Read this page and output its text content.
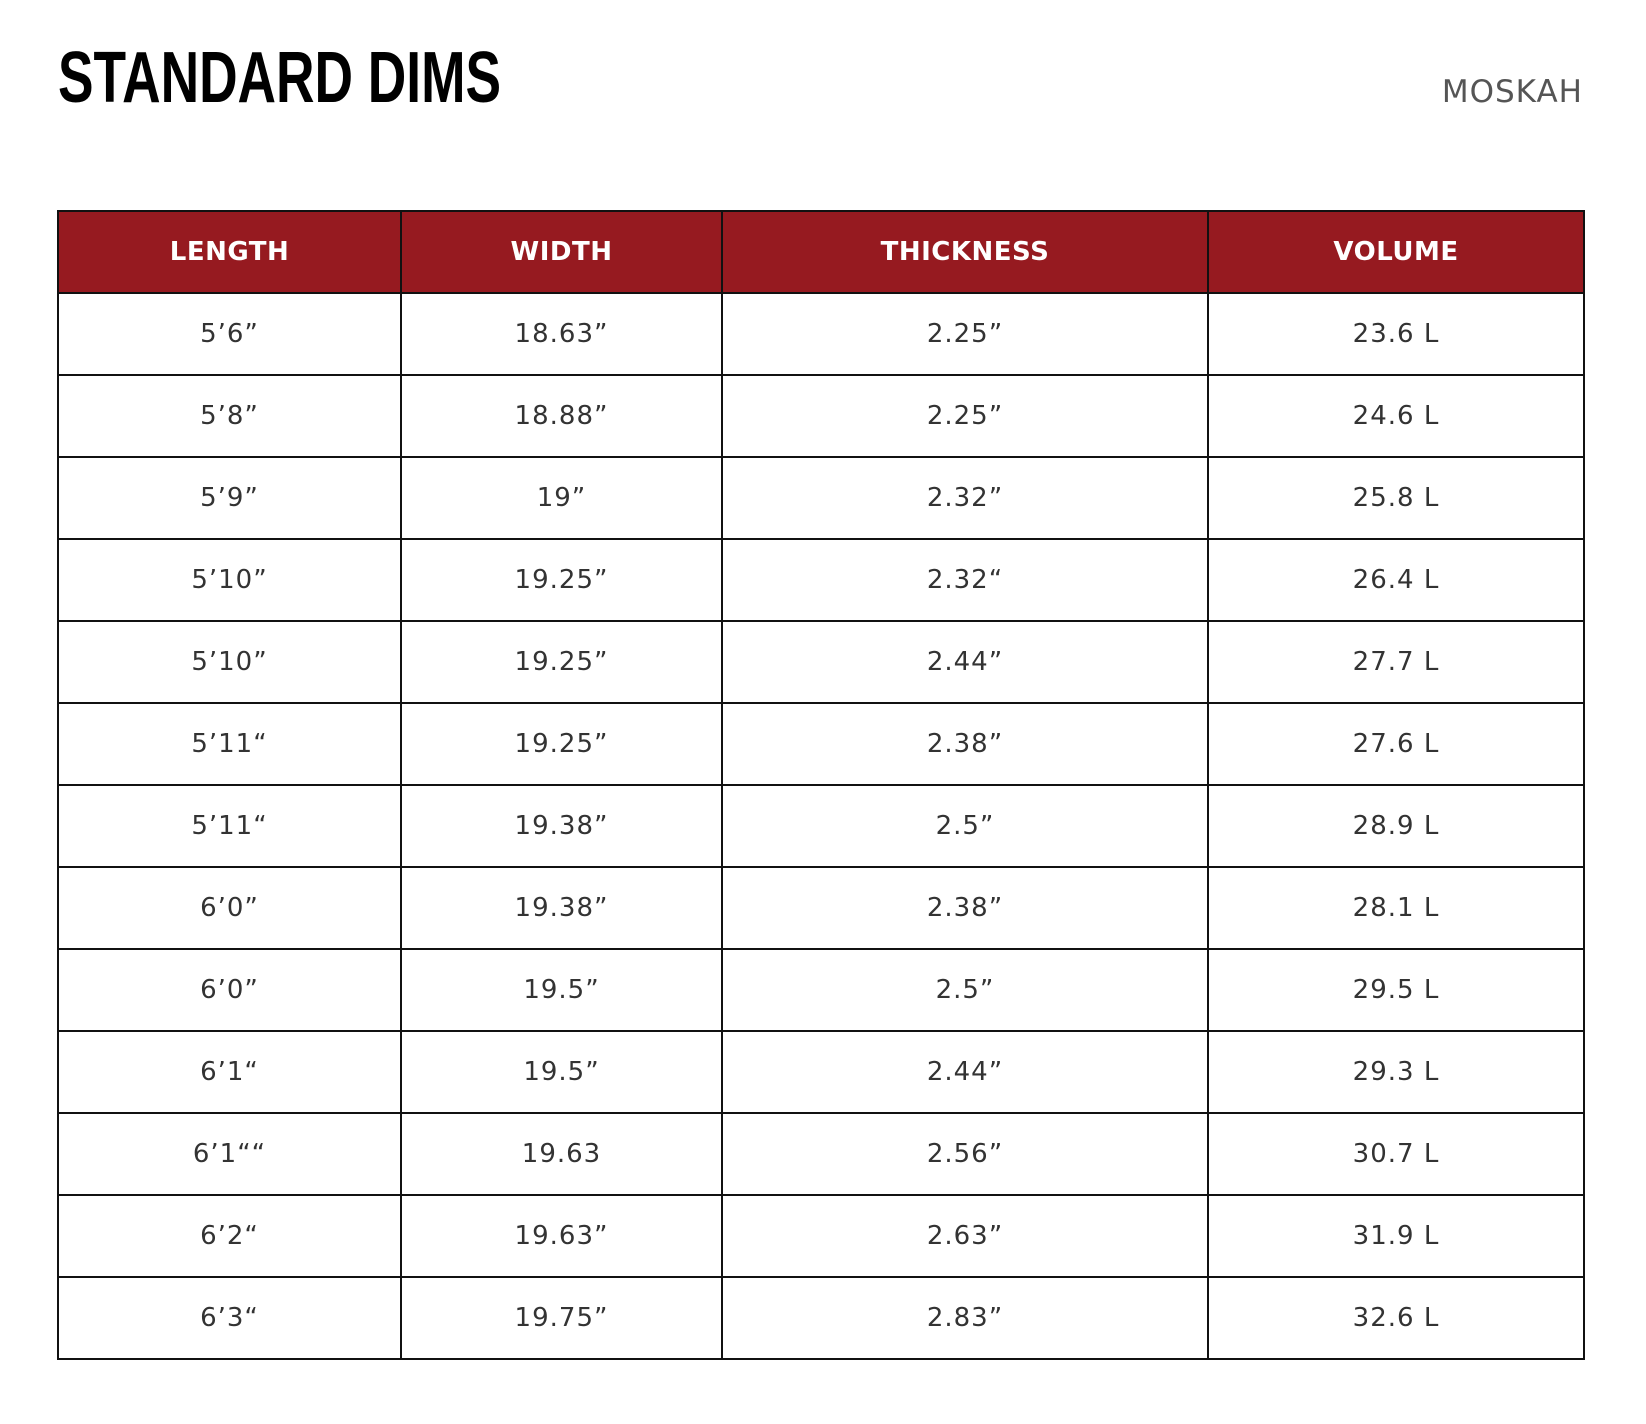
STANDARD DIMS	MOSKAH
LENGTH	WIDTH	THICKNESS	VOLUME
5’6”	18.63”	2.25”	23.6 L
5’8”	18.88”	2.25”	24.6 L
5’9”	19”	2.32”	25.8 L
5’10”	19.25”	2.32“	26.4 L
5’10”	19.25”	2.44”	27.7 L
5’11“	19.25”	2.38”	27.6 L
5’11“	19.38”	2.5”	28.9 L
6’0”	19.38”	2.38”	28.1 L
6’0”	19.5”	2.5”	29.5 L
6’1“	19.5”	2.44”	29.3 L
6’1““	19.63	2.56”	30.7 L
6’2“	19.63”	2.63”	31.9 L
6’3“	19.75”	2.83”	32.6 L
